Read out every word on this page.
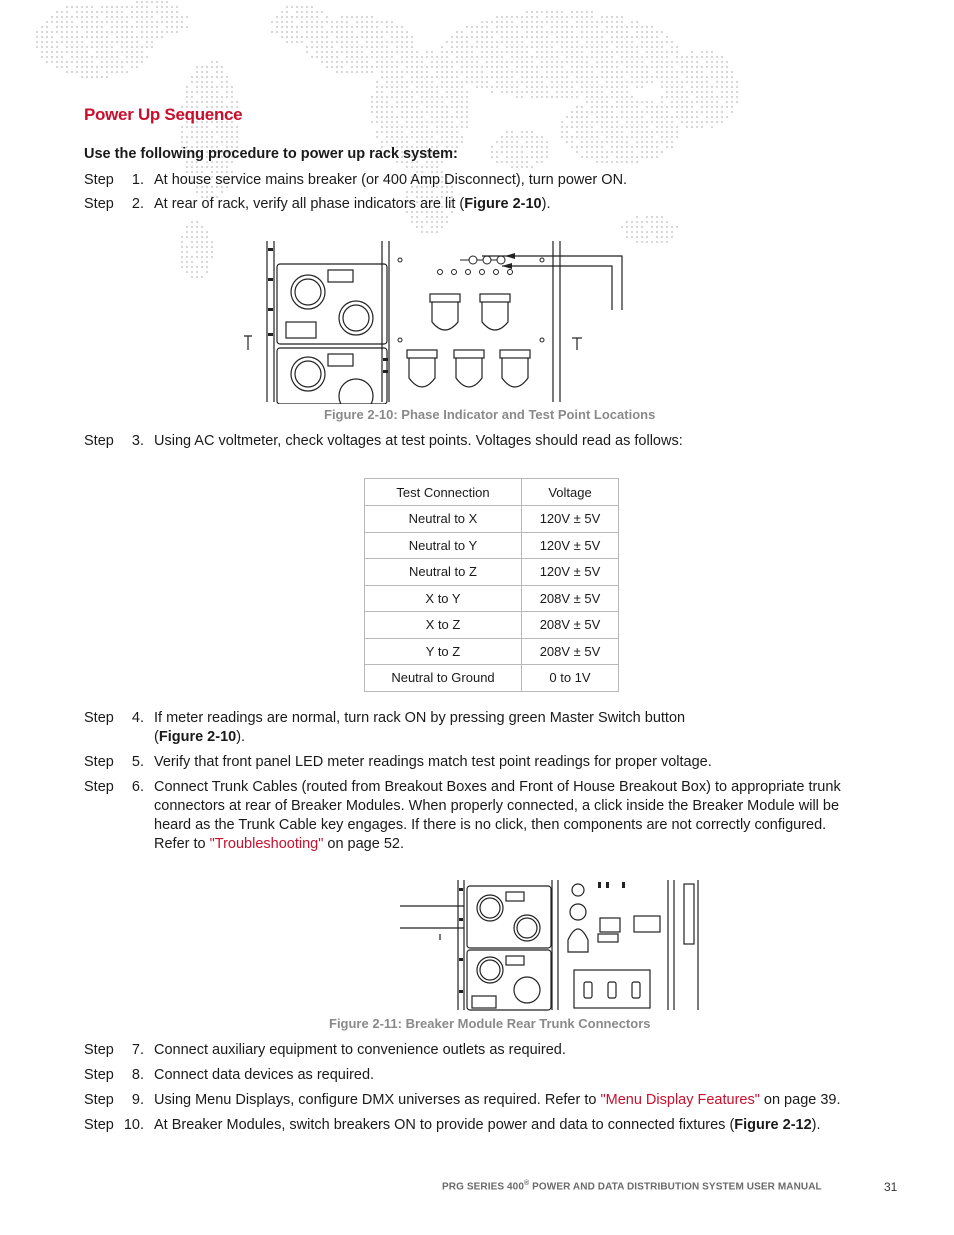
Power Up Sequence
Use the following procedure to power up rack system:
Step	1. At house service mains breaker (or 400 Amp Disconnect), turn power ON.
Step	2. At rear of rack, verify all phase indicators are lit (Figure 2-10).
Figure 2-10: Phase Indicator and Test Point Locations
Step	3. Using AC voltmeter, check voltages at test points. Voltages should read as follows:
Test Connection	Voltage
Neutral to X	120V ± 5V
Neutral to Y	120V ± 5V
Neutral to Z	120V ± 5V
X to Y	208V ± 5V
X to Z	208V ± 5V
Y to Z	208V ± 5V
Neutral to Ground	0 to 1V
Step	4. If meter readings are normal, turn rack ON by pressing green Master Switch button
(Figure 2-10).
Step	5. Verify that front panel LED meter readings match test point readings for proper voltage.
Step	6. Connect Trunk Cables (routed from Breakout Boxes and Front of House Breakout Box) to appropriate trunk
connectors at rear of Breaker Modules. When properly connected, a click inside the Breaker Module will be
heard as the Trunk Cable key engages. If there is no click, then components are not correctly configured.
Refer to "Troubleshooting" on page 52.
Figure 2-11: Breaker Module Rear Trunk Connectors
Step	7. Connect auxiliary equipment to convenience outlets as required.
Step	8. Connect data devices as required.
Step	9. Using Menu Displays, configure DMX universes as required. Refer to "Menu Display Features" on page 39.
Step 10. At Breaker Modules, switch breakers ON to provide power and data to connected fixtures (Figure 2-12).
PRG SERIES 400® POWER AND DATA DISTRIBUTION SYSTEM USER MANUAL	31
